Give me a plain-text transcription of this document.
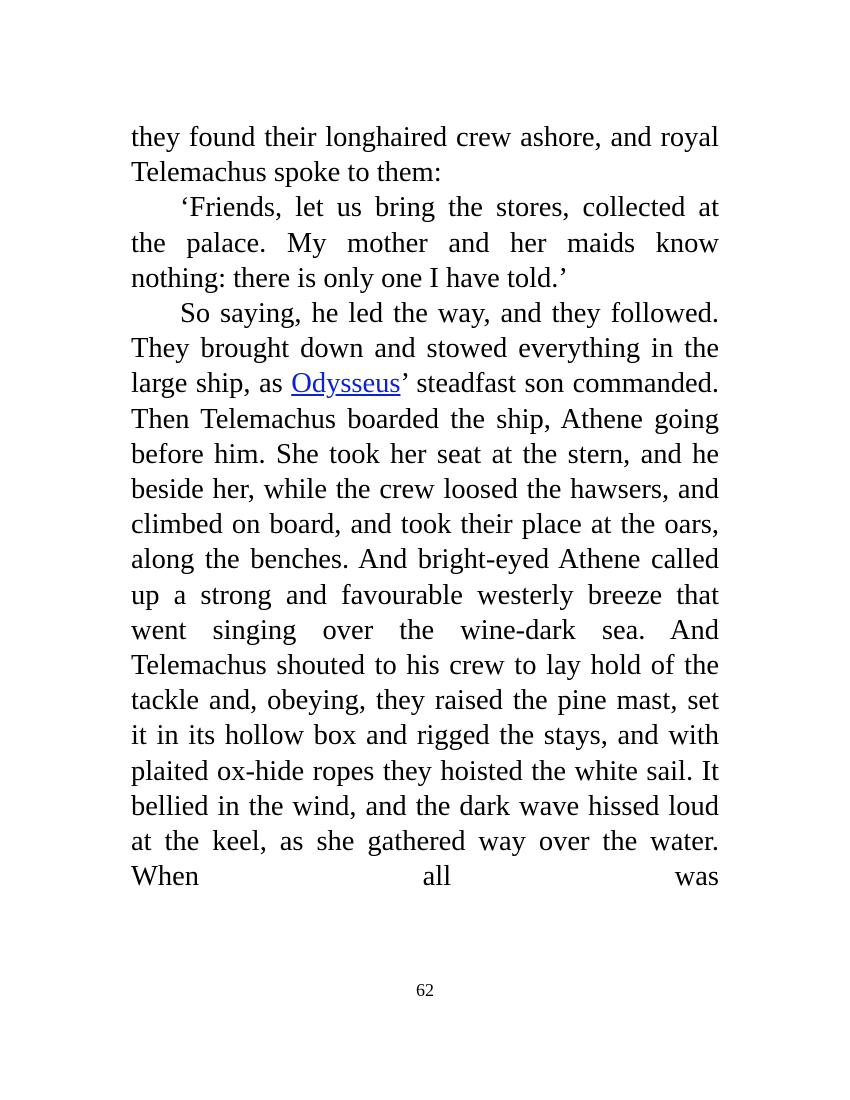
they found their longhaired crew ashore, and royal Telemachus spoke to them:

‘Friends, let us bring the stores, collected at the palace. My mother and her maids know nothing: there is only one I have told.’

So saying, he led the way, and they followed. They brought down and stowed everything in the large ship, as Odysseus’ steadfast son commanded. Then Telemachus boarded the ship, Athene going before him. She took her seat at the stern, and he beside her, while the crew loosed the hawsers, and climbed on board, and took their place at the oars, along the benches. And bright-eyed Athene called up a strong and favourable westerly breeze that went singing over the wine-dark sea. And Telemachus shouted to his crew to lay hold of the tackle and, obeying, they raised the pine mast, set it in its hollow box and rigged the stays, and with plaited ox-hide ropes they hoisted the white sail. It bellied in the wind, and the dark wave hissed loud at the keel, as she gathered way over the water. When all was

62
